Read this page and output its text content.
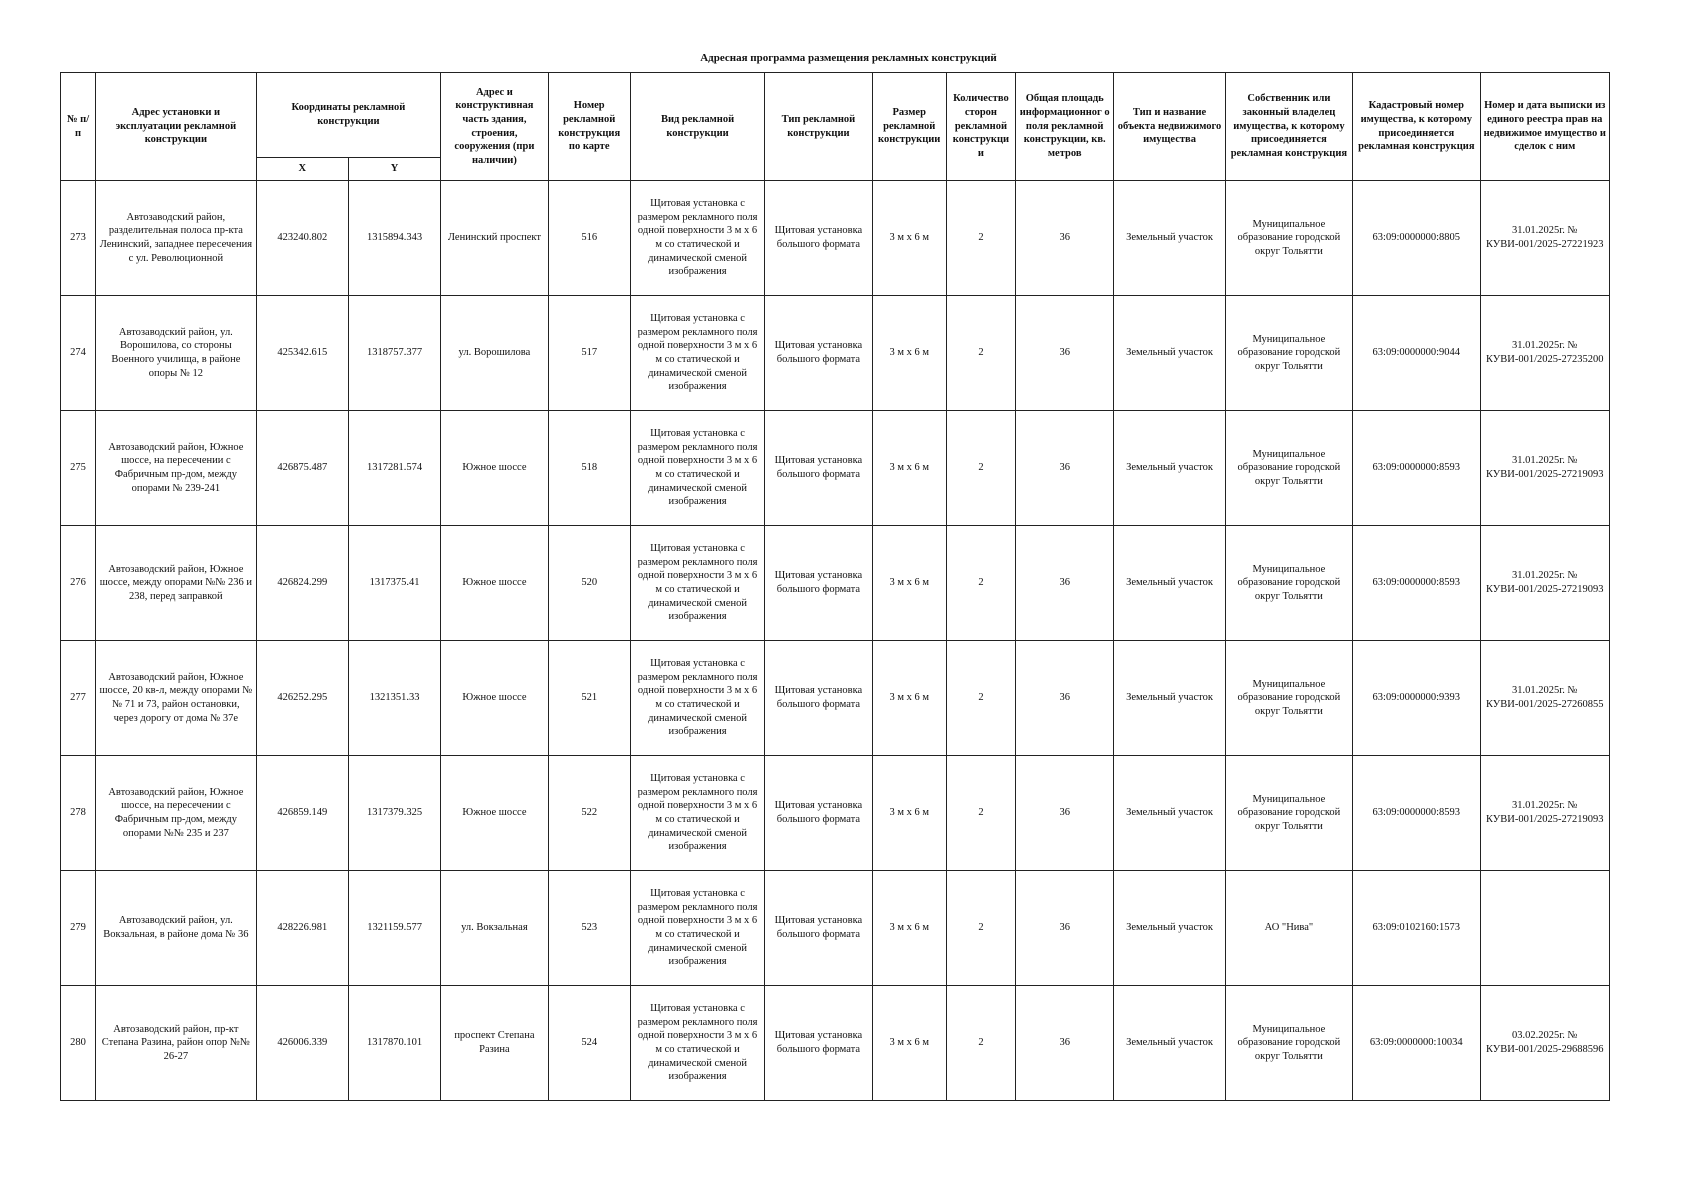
Адресная программа размещения рекламных конструкций
№ п/п	Адрес установки и эксплуатации рекламной конструкции	Координаты рекламной конструкции		Адрес и конструктивная часть здания, строения, сооружения (при наличии)	Номер рекламной конструкция по карте	Вид рекламной конструкции	Тип рекламной конструкции	Размер рекламной конструкции	Количество сторон рекламной конструкции	Общая площадь информационног о поля рекламной конструкции, кв. метров	Тип и название объекта недвижимого имущества	Собственник или законный владелец имущества, к которому присоединяется рекламная конструкция	Кадастровый номер имущества, к которому присоединяется рекламная конструкция	Номер и дата выписки из единого реестра прав на недвижимое имущество и сделок с ним
		X	Y											
273	Автозаводский район, разделительная полоса пр-кта Ленинский, западнее пересечения с ул. Революционной	423240.802	1315894.343	Ленинский проспект	516	Щитовая установка с размером рекламного поля одной поверхности 3 м х 6 м со статической и динамической сменой изображения	Щитовая установка большого формата	3 м х 6 м	2	36	Земельный участок	Муниципальное образование городской округ Тольятти	63:09:0000000:8805	31.01.2025г. № КУВИ-001/2025-27221923
274	Автозаводский район, ул. Ворошилова, со стороны Военного училища, в районе опоры № 12	425342.615	1318757.377	ул. Ворошилова	517	Щитовая установка с размером рекламного поля одной поверхности 3 м х 6 м со статической и динамической сменой изображения	Щитовая установка большого формата	3 м х 6 м	2	36	Земельный участок	Муниципальное образование городской округ Тольятти	63:09:0000000:9044	31.01.2025г. № КУВИ-001/2025-27235200
275	Автозаводский район, Южное шоссе, на пересечении с Фабричным пр-дом, между опорами № 239-241	426875.487	1317281.574	Южное шоссе	518	Щитовая установка с размером рекламного поля одной поверхности 3 м х 6 м со статической и динамической сменой изображения	Щитовая установка большого формата	3 м х 6 м	2	36	Земельный участок	Муниципальное образование городской округ Тольятти	63:09:0000000:8593	31.01.2025г. № КУВИ-001/2025-27219093
276	Автозаводский район, Южное шоссе, между опорами №№ 236 и 238, перед заправкой	426824.299	1317375.41	Южное шоссе	520	Щитовая установка с размером рекламного поля одной поверхности 3 м х 6 м со статической и динамической сменой изображения	Щитовая установка большого формата	3 м х 6 м	2	36	Земельный участок	Муниципальное образование городской округ Тольятти	63:09:0000000:8593	31.01.2025г. № КУВИ-001/2025-27219093
277	Автозаводский район, Южное шоссе, 20 кв-л, между опорами №№ 71 и 73, район остановки, через дорогу от дома № 37е	426252.295	1321351.33	Южное шоссе	521	Щитовая установка с размером рекламного поля одной поверхности 3 м х 6 м со статической и динамической сменой изображения	Щитовая установка большого формата	3 м х 6 м	2	36	Земельный участок	Муниципальное образование городской округ Тольятти	63:09:0000000:9393	31.01.2025г. № КУВИ-001/2025-27260855
278	Автозаводский район, Южное шоссе, на пересечении с Фабричным пр-дом, между опорами №№ 235 и 237	426859.149	1317379.325	Южное шоссе	522	Щитовая установка с размером рекламного поля одной поверхности 3 м х 6 м со статической и динамической сменой изображения	Щитовая установка большого формата	3 м х 6 м	2	36	Земельный участок	Муниципальное образование городской округ Тольятти	63:09:0000000:8593	31.01.2025г. № КУВИ-001/2025-27219093
279	Автозаводский район, ул. Вокзальная, в районе дома № 36	428226.981	1321159.577	ул. Вокзальная	523	Щитовая установка с размером рекламного поля одной поверхности 3 м х 6 м со статической и динамической сменой изображения	Щитовая установка большого формата	3 м х 6 м	2	36	Земельный участок	АО "Нива"	63:09:0102160:1573	
280	Автозаводский район, пр-кт Степана Разина, район опор №№ 26-27	426006.339	1317870.101	проспект Степана Разина	524	Щитовая установка с размером рекламного поля одной поверхности 3 м х 6 м со статической и динамической сменой изображения	Щитовая установка большого формата	3 м х 6 м	2	36	Земельный участок	Муниципальное образование городской округ Тольятти	63:09:0000000:10034	03.02.2025г. № КУВИ-001/2025-29688596
